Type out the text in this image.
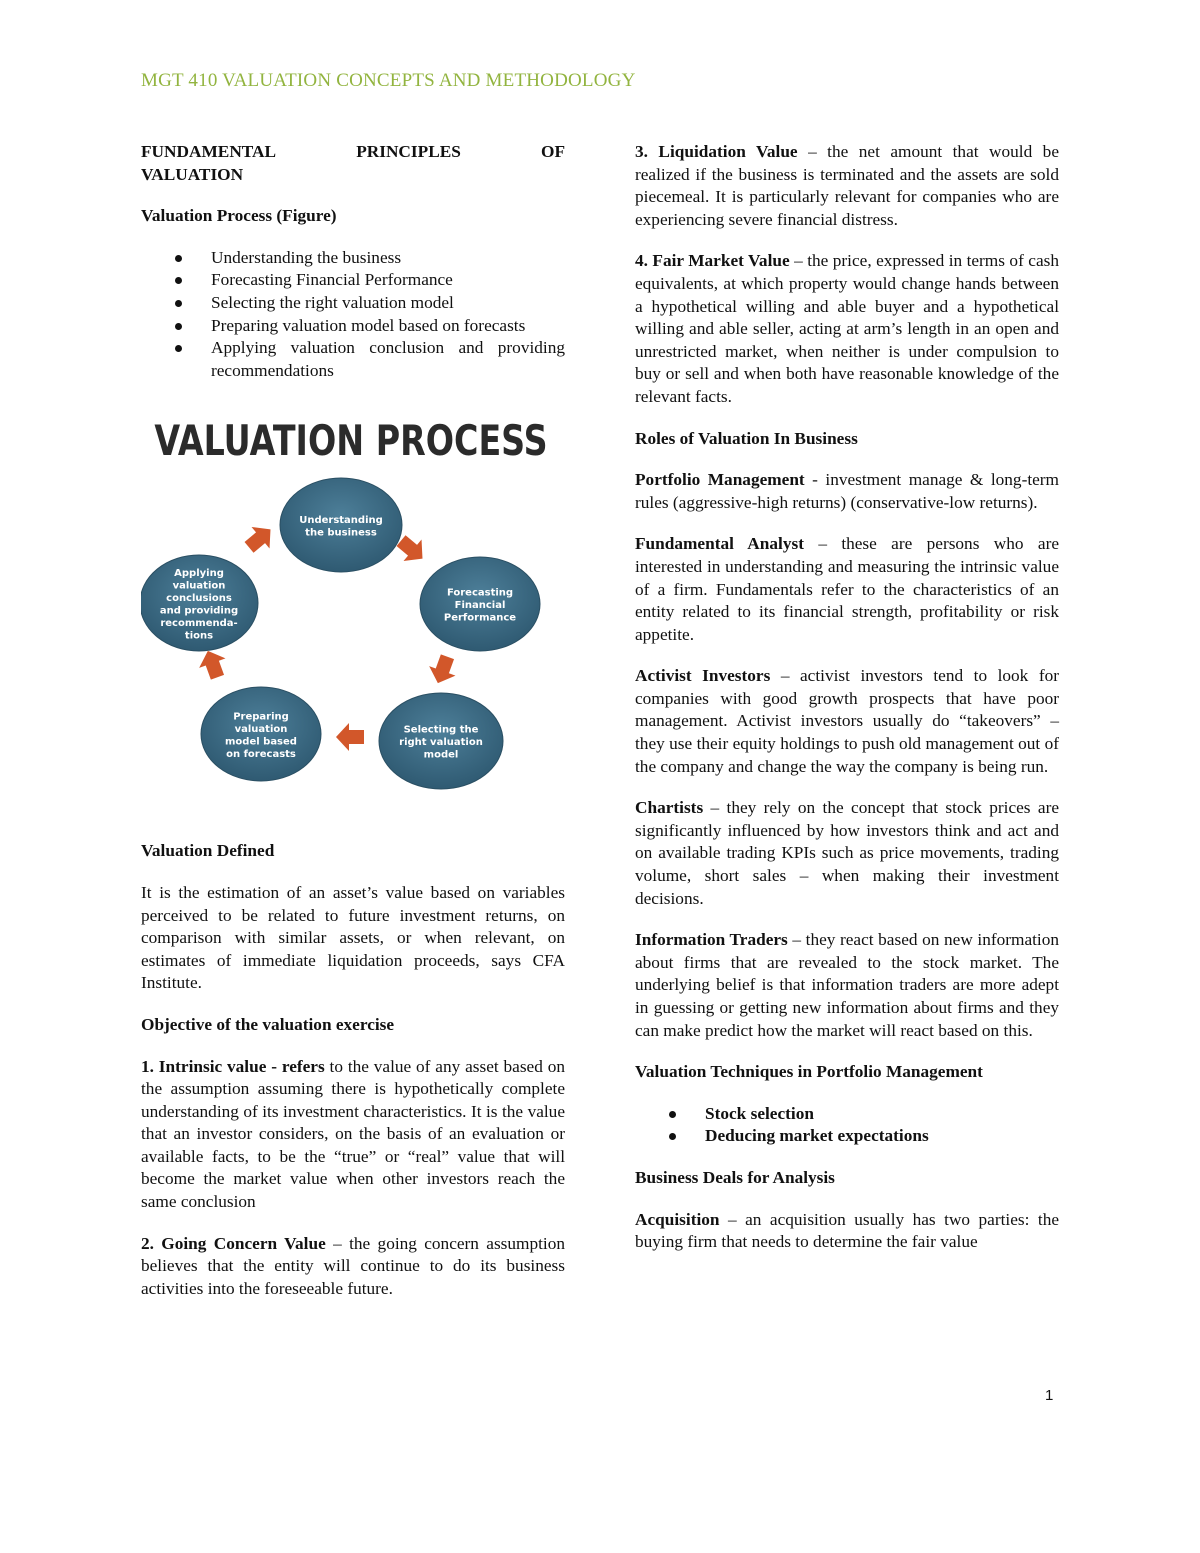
MGT 410 VALUATION CONCEPTS AND METHODOLOGY
FUNDAMENTAL	PRINCIPLES	OF
VALUATION
Valuation Process (Figure)
Understanding the business
Forecasting Financial Performance
Selecting the right valuation model
Preparing valuation model based on forecasts
Applying valuation conclusion and providing recommendations
VALUATION PROCESS
Understanding
the business
Forecasting
Financial
Performance
Selecting the
right valuation
model
Preparing
valuation
model based
on forecasts
Applying
valuation
conclusions
and providing
recommenda-
tions
Valuation Defined

It is the estimation of an asset’s value based on variables perceived to be related to future investment returns, on comparison with similar assets, or when relevant, on estimates of immediate liquidation proceeds, says CFA Institute.

Objective of the valuation exercise

1. Intrinsic value - refers to the value of any asset based on the assumption assuming there is hypothetically complete understanding of its investment characteristics. It is the value that an investor considers, on the basis of an evaluation or available facts, to be the “true” or “real” value that will become the market value when other investors reach the same conclusion

2. Going Concern Value – the going concern assumption believes that the entity will continue to do its business activities into the foreseeable future.

3. Liquidation Value – the net amount that would be realized if the business is terminated and the assets are sold piecemeal. It is particularly relevant for companies who are experiencing severe financial distress.

4. Fair Market Value – the price, expressed in terms of cash equivalents, at which property would change hands between a hypothetical willing and able buyer and a hypothetical willing and able seller, acting at arm’s length in an open and unrestricted market, when neither is under compulsion to buy or sell and when both have reasonable knowledge of the relevant facts.

Roles of Valuation In Business

Portfolio Management - investment manage & long-term rules (aggressive-high returns) (conservative-low returns).

Fundamental Analyst – these are persons who are interested in understanding and measuring the intrinsic value of a firm. Fundamentals refer to the characteristics of an entity related to its financial strength, profitability or risk appetite.

Activist Investors – activist investors tend to look for companies with good growth prospects that have poor management. Activist investors usually do “takeovers” – they use their equity holdings to push old management out of the company and change the way the company is being run.

Chartists – they rely on the concept that stock prices are significantly influenced by how investors think and act and on available trading KPIs such as price movements, trading volume, short sales – when making their investment decisions.

Information Traders – they react based on new information about firms that are revealed to the stock market. The underlying belief is that information traders are more adept in guessing or getting new information about firms and they can make predict how the market will react based on this.

Valuation Techniques in Portfolio Management
Stock selection
Deducing market expectations
Business Deals for Analysis

Acquisition – an acquisition usually has two parties: the buying firm that needs to determine the fair value

1
